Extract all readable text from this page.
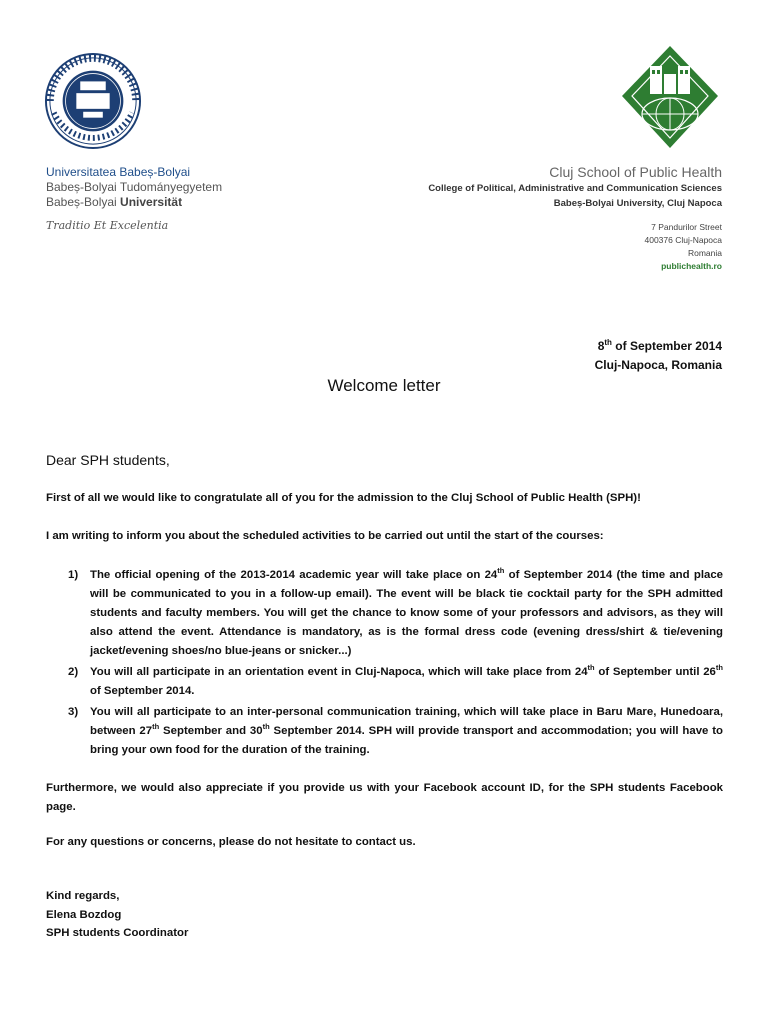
Universitatea Babeș-Bolyai
Babeș-Bolyai Tudományegyetem
Babeș-Bolyai Universität
Traditio Et Excelentia
Cluj School of Public Health
College of Political, Administrative and Communication Sciences
Babeș-Bolyai University, Cluj Napoca
7 Pandurilor Street
400376 Cluj-Napoca
Romania
publichealth.ro
8th of September 2014
Cluj-Napoca, Romania
Welcome letter
Dear SPH students,

First of all we would like to congratulate all of you for the admission to the Cluj School of Public Health (SPH)!

I am writing to inform you about the scheduled activities to be carried out until the start of the courses:

1) The official opening of the 2013-2014 academic year will take place on 24th of September 2014 (the time and place will be communicated to you in a follow-up email). The event will be black tie cocktail party for the SPH admitted students and faculty members. You will get the chance to know some of your professors and advisors, as they will also attend the event. Attendance is mandatory, as is the formal dress code (evening dress/shirt & tie/evening jacket/evening shoes/no blue-jeans or snicker...)
2) You will all participate in an orientation event in Cluj-Napoca, which will take place from 24th of September until 26th of September 2014.
3) You will all participate to an inter-personal communication training, which will take place in Baru Mare, Hunedoara, between 27th September and 30th September 2014. SPH will provide transport and accommodation; you will have to bring your own food for the duration of the training.

Furthermore, we would also appreciate if you provide us with your Facebook account ID, for the SPH students Facebook page.

For any questions or concerns, please do not hesitate to contact us.

Kind regards,
Elena Bozdog
SPH students Coordinator
